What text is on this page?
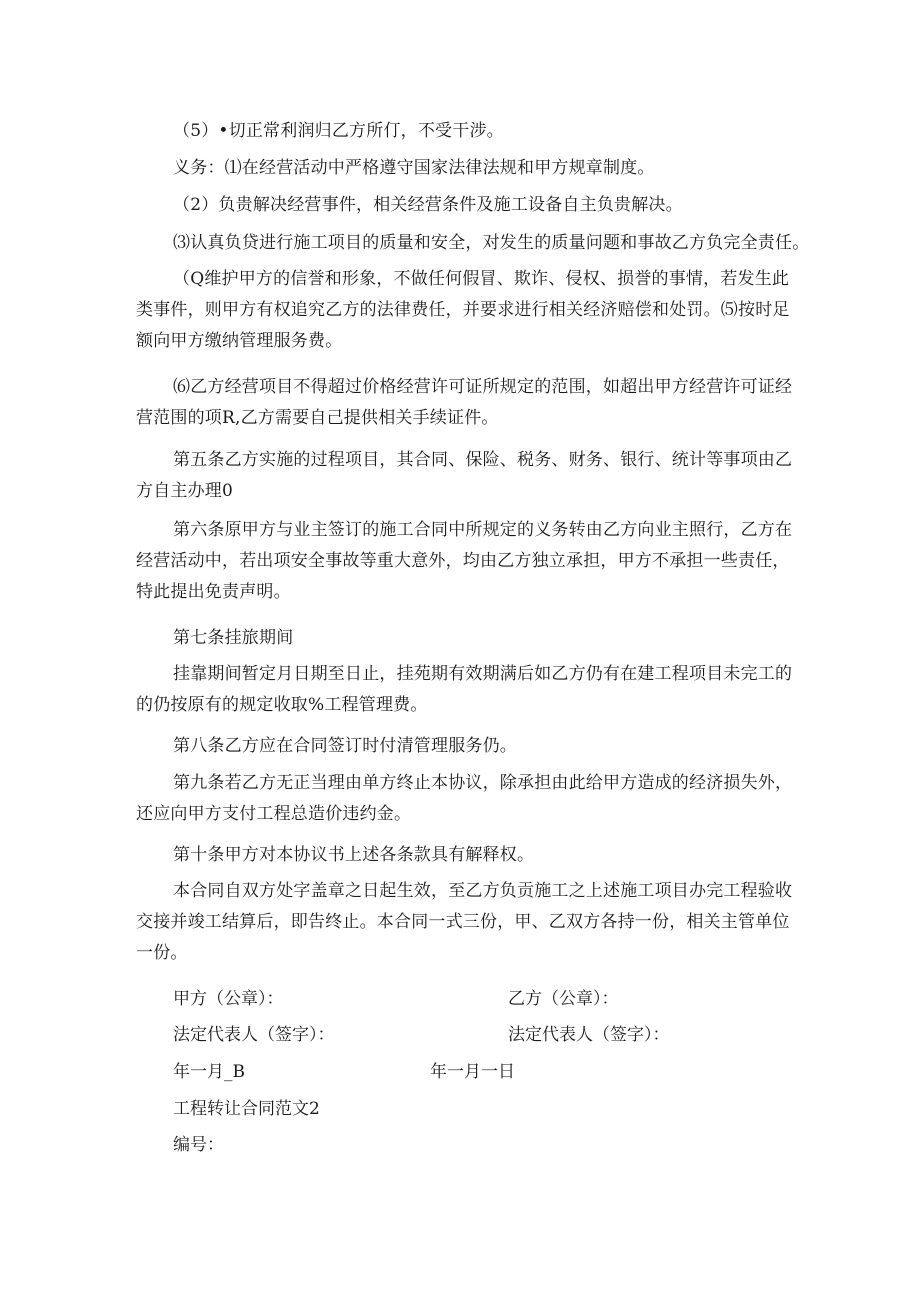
（5）•切正常利润归乙方所仃，不受干涉。

义务：⑴在经营活动中严格遵守国家法律法规和甲方规章制度。

（2）负贵解决经营事件，相关经营条件及施工设备自主负贵解决。

⑶认真负贷进行施工项目的质量和安全，对发生的质量问题和事故乙方负完全责任。

（Q维护甲方的信誉和形象，不做任何假冒、欺诈、侵权、损誉的事情，若发生此类事件，则甲方有权追究乙方的法律费任，并要求进行相关经济赔偿和处罚。⑸按时足额向甲方缴纳管理服务费。

⑹乙方经营项目不得超过价格经营许可证所规定的范围，如超出甲方经营许可证经营范围的项R,乙方需要自己提供相关手续证件。

第五条乙方实施的过程项目，其合同、保险、税务、财务、银行、统计等事项由乙方自主办理0

第六条原甲方与业主签订的施工合同中所规定的义务转由乙方向业主照行，乙方在经营活动中，若出项安全事故等重大意外，均由乙方独立承担，甲方不承担一些责任，特此提出免责声明。

第七条挂旅期间

挂靠期间暂定月日期至日止，挂苑期有效期满后如乙方仍有在建工程项目未完工的的仍按原有的规定收取%工程管理费。

第八条乙方应在合同签订时付清管理服务仍。

第九条若乙方无正当理由单方终止本协议，除承担由此给甲方造成的经济损失外，还应向甲方支付工程总造价违约金。

第十条甲方对本协议书上述各条款具有解释权。

本合同自双方处字盖章之日起生效，至乙方负贡施工之上述施工项目办完工程验收交接并竣工结算后，即告终止。本合同一式三份，甲、乙双方各持一份，相关主管单位一份。

甲方（公章）：	乙方（公章）：

法定代表人（签字）：	法定代表人（签字）：

年一月_B	年一月一日

工程转让合同范文2

编号：
